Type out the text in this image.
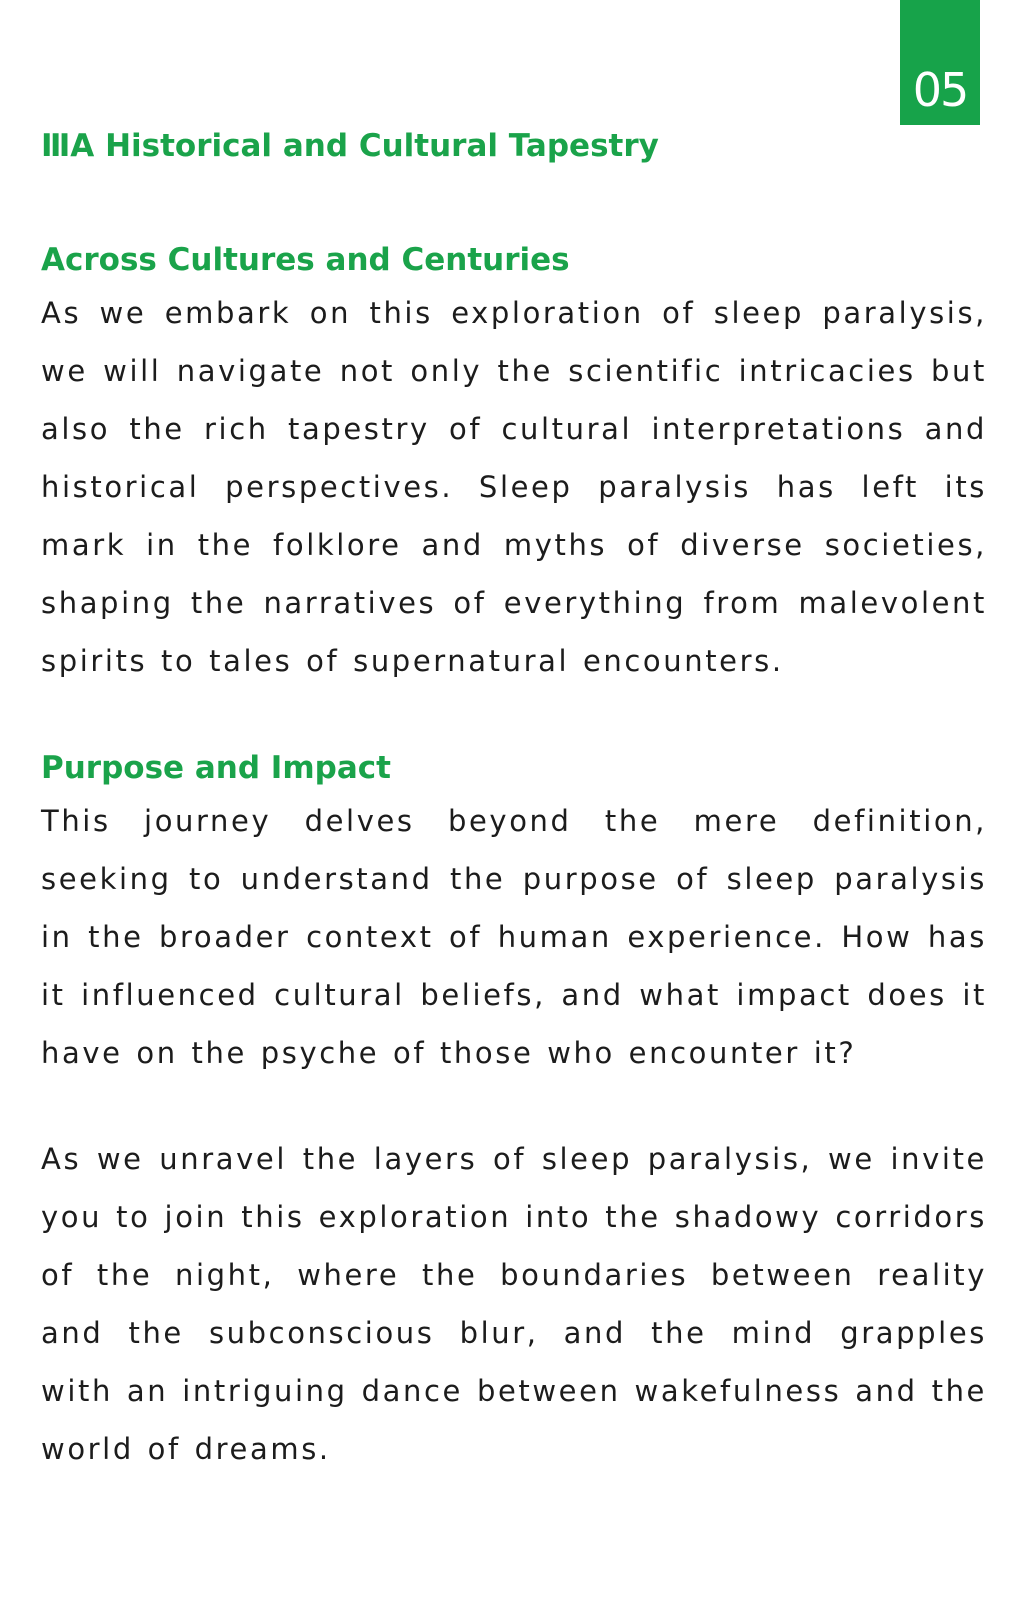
05
ⅢA Historical and Cultural Tapestry
Across Cultures and Centuries

As we embark on this exploration of sleep paralysis, we will navigate not only the scientific intricacies but also the rich tapestry of cultural interpretations and historical perspectives. Sleep paralysis has left its mark in the folklore and myths of diverse societies, shaping the narratives of everything from malevolent spirits to tales of supernatural encounters.

Purpose and Impact

This journey delves beyond the mere definition, seeking to understand the purpose of sleep paralysis in the broader context of human experience. How has it influenced cultural beliefs, and what impact does it have on the psyche of those who encounter it?

As we unravel the layers of sleep paralysis, we invite you to join this exploration into the shadowy corridors of the night, where the boundaries between reality and the subconscious blur, and the mind grapples with an intriguing dance between wakefulness and the world of dreams.
